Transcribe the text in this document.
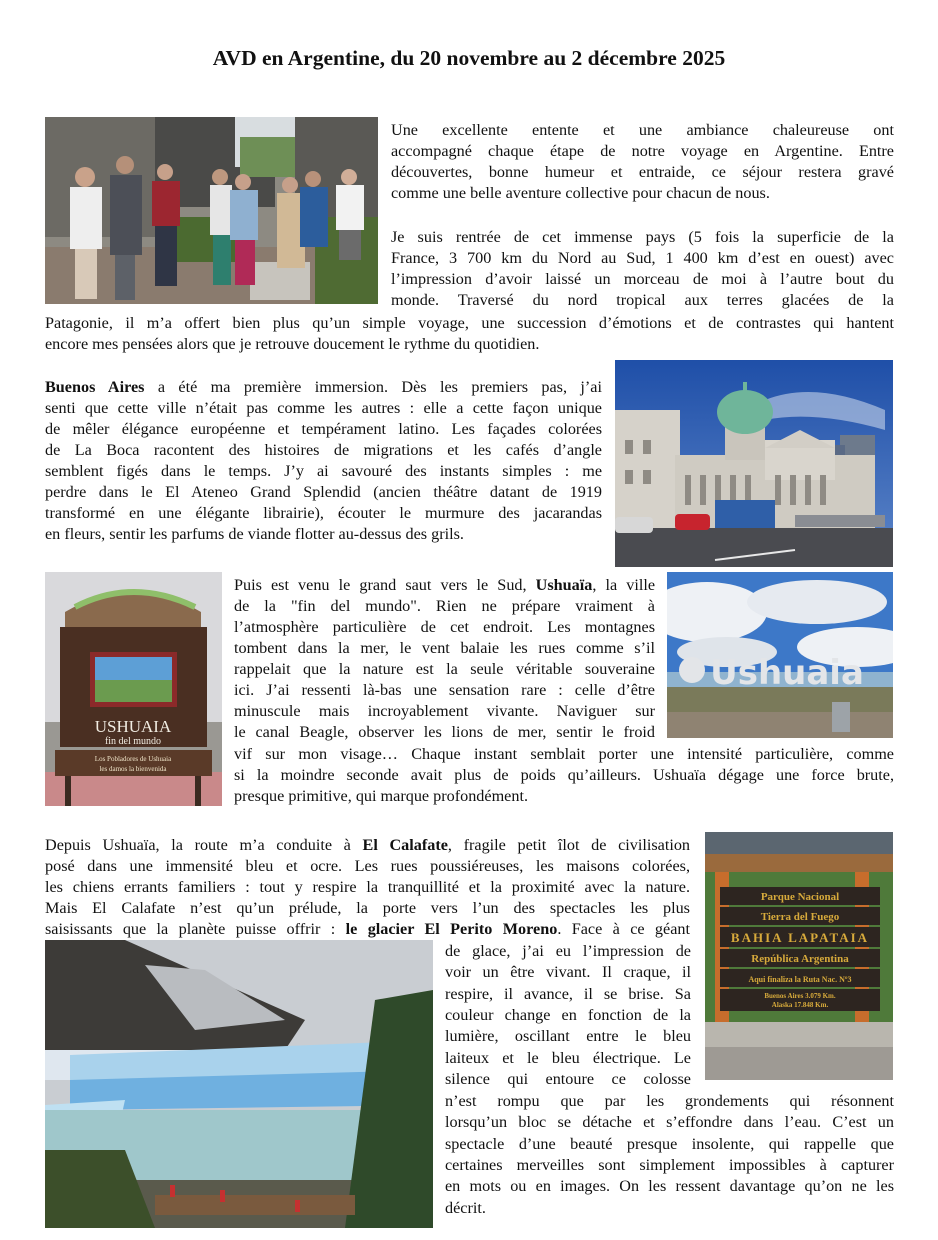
AVD en Argentine, du 20 novembre au 2 décembre 2025
Une excellente entente et une ambiance chaleureuse ont
accompagné chaque étape de notre voyage en Argentine. Entre
découvertes, bonne humeur et entraide, ce séjour restera gravé
comme une belle aventure collective pour chacun de nous.
Je suis rentrée de cet immense pays (5 fois la superficie de la
France, 3 700 km du Nord au Sud, 1 400 km d’est en ouest) avec
l’impression d’avoir laissé un morceau de moi à l’autre bout du
monde. Traversé du nord tropical aux terres glacées de la
Patagonie, il m’a offert bien plus qu’un simple voyage, une succession d’émotions et de contrastes qui hantent
encore mes pensées alors que je retrouve doucement le rythme du quotidien.
Buenos Aires a été ma première immersion. Dès les premiers pas, j’ai
senti que cette ville n’était pas comme les autres : elle a cette façon unique
de mêler élégance européenne et tempérament latino. Les façades colorées
de La Boca racontent des histoires de migrations et les cafés d’angle
semblent figés dans le temps. J’y ai savouré des instants simples : me
perdre dans le El Ateneo Grand Splendid (ancien théâtre datant de 1919
transformé en une élégante librairie), écouter le murmure des jacarandas
en fleurs, sentir les parfums de viande flotter au-dessus des grils.
USHUAIA
fin del mundo
Los Pobladores de Ushuaia
les damos la bienvenida
Ushuaia
Puis est venu le grand saut vers le Sud, Ushuaïa, la ville
de la "fin del mundo". Rien ne prépare vraiment à
l’atmosphère particulière de cet endroit. Les montagnes
tombent dans la mer, le vent balaie les rues comme s’il
rappelait que la nature est la seule véritable souveraine
ici. J’ai ressenti là-bas une sensation rare : celle d’être
minuscule mais incroyablement vivante. Naviguer sur
le canal Beagle, observer les lions de mer, sentir le froid
vif sur mon visage… Chaque instant semblait porter une intensité particulière, comme
si la moindre seconde avait plus de poids qu’ailleurs. Ushuaïa dégage une force brute,
presque primitive, qui marque profondément.
Parque Nacional
Tierra del Fuego
BAHIA LAPATAIA
República Argentina
Aqui finaliza la Ruta Nac. Nº3
Buenos Aires 3.079 Km.
Alaska 17.848 Km.
Depuis Ushuaïa, la route m’a conduite à El Calafate, fragile petit îlot de civilisation
posé dans une immensité bleu et ocre. Les rues poussiéreuses, les maisons colorées,
les chiens errants familiers : tout y respire la tranquillité et la proximité avec la nature.
Mais El Calafate n’est qu’un prélude, la porte vers l’un des spectacles les plus
saisissants que la planète puisse offrir : le glacier El Perito Moreno. Face à ce géant
de glace, j’ai eu l’impression de
voir un être vivant. Il craque, il
respire, il avance, il se brise. Sa
couleur change en fonction de la
lumière, oscillant entre le bleu
laiteux et le bleu électrique. Le
silence qui entoure ce colosse
n’est rompu que par les grondements qui résonnent
lorsqu’un bloc se détache et s’effondre dans l’eau. C’est un
spectacle d’une beauté presque insolente, qui rappelle que
certaines merveilles sont simplement impossibles à capturer
en mots ou en images. On les ressent davantage qu’on ne les
décrit.
